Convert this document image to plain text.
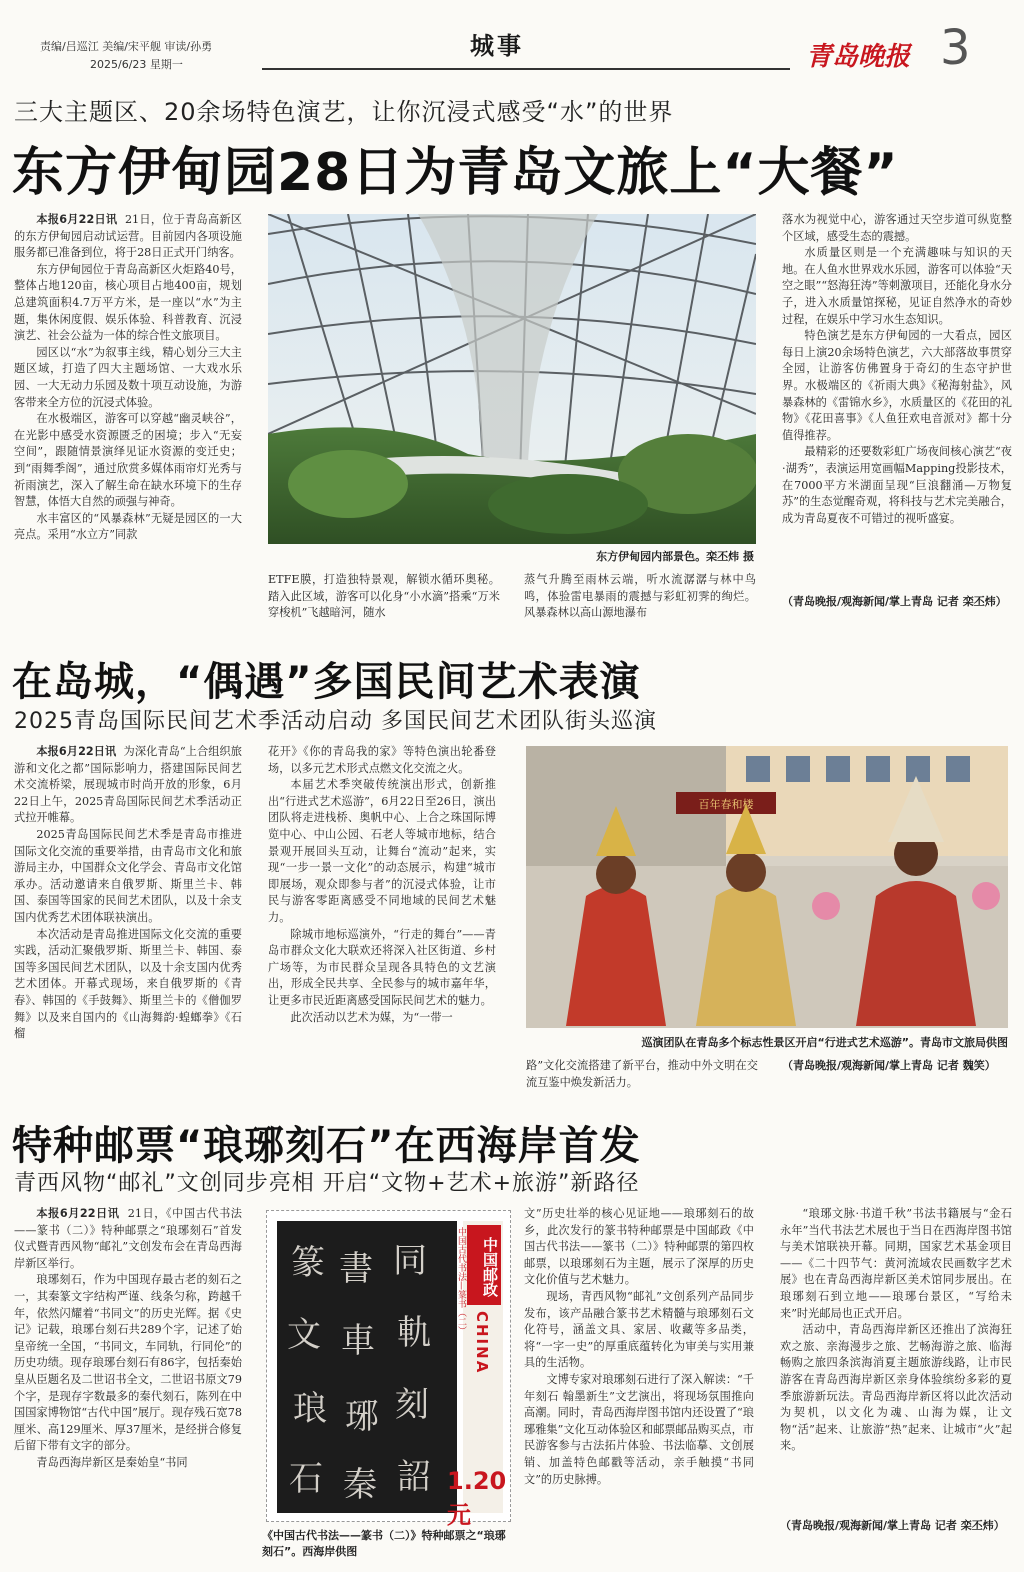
责编/吕巡江 美编/宋平舰 审读/孙勇
2025/6/23 星期一
城事	青岛晚报 3
三大主题区、20余场特色演艺，让你沉浸式感受“水”的世界
东方伊甸园28日为青岛文旅上“大餐”

本报6月22日讯 21日，位于青岛高新区的东方伊甸园启动试运营。目前园内各项设施服务都已准备到位，将于28日正式开门纳客。

东方伊甸园位于青岛高新区火炬路40号，整体占地120亩，核心项目占地400亩，规划总建筑面积4.7万平方米，是一座以“水”为主题，集休闲度假、娱乐体验、科普教育、沉浸演艺、社会公益为一体的综合性文旅项目。

园区以“水”为叙事主线，精心划分三大主题区域，打造了四大主题场馆、一大戏水乐园、一大无动力乐园及数十项互动设施，为游客带来全方位的沉浸式体验。

在水极端区，游客可以穿越“幽灵峡谷”，在光影中感受水资源匮乏的困境；步入“无妄空间”，跟随情景演绎见证水资源的变迁史；到“雨舞季阁”，通过欣赏多媒体雨帘灯光秀与祈雨演艺，深入了解生命在缺水环境下的生存智慧，体悟大自然的顽强与神奇。

水丰富区的“风暴森林”无疑是园区的一大亮点。采用“水立方”同款

东方伊甸园内部景色。栾丕炜 摄

ETFE膜，打造独特景观，解锁水循环奥秘。踏入此区域，游客可以化身“小水滴”搭乘“万米穿梭机”飞越暗河，随水

蒸气升腾至雨林云端，听水流潺潺与林中鸟鸣，体验雷电暴雨的震撼与彩虹初霁的绚烂。风暴森林以高山源地瀑布

落水为视觉中心，游客通过天空步道可纵览整个区域，感受生态的震撼。

水质量区则是一个充满趣味与知识的天地。在人鱼水世界戏水乐园，游客可以体验“天空之眼”“怒海狂涛”等刺激项目，还能化身水分子，进入水质量馆探秘，见证自然净水的奇妙过程，在娱乐中学习水生态知识。

特色演艺是东方伊甸园的一大看点，园区每日上演20余场特色演艺，六大部落故事贯穿全园，让游客仿佛置身于奇幻的生态守护世界。水极端区的《祈雨大典》《秘海射盐》，风暴森林的《雷锦水乡》，水质量区的《花田的礼物》《花田喜事》《人鱼狂欢电音派对》都十分值得推荐。

最精彩的还要数彩虹广场夜间核心演艺“夜·湖秀”，表演运用宽画幅Mapping投影技术，在7000平方米湖面呈现“巨浪翻涌—万物复苏”的生态觉醒奇观，将科技与艺术完美融合，成为青岛夏夜不可错过的视听盛宴。

（青岛晚报/观海新闻/掌上青岛 记者 栾丕炜）
在岛城，“偶遇”多国民间艺术表演
2025青岛国际民间艺术季活动启动 多国民间艺术团队街头巡演

本报6月22日讯 为深化青岛“上合组织旅游和文化之都”国际影响力，搭建国际民间艺术交流桥梁，展现城市时尚开放的形象，6月22日上午，2025青岛国际民间艺术季活动正式拉开帷幕。

2025青岛国际民间艺术季是青岛市推进国际文化交流的重要举措，由青岛市文化和旅游局主办，中国群众文化学会、青岛市文化馆承办。活动邀请来自俄罗斯、斯里兰卡、韩国、泰国等国家的民间艺术团队，以及十余支国内优秀艺术团体联袂演出。

本次活动是青岛推进国际文化交流的重要实践，活动汇聚俄罗斯、斯里兰卡、韩国、泰国等多国民间艺术团队，以及十余支国内优秀艺术团体。开幕式现场，来自俄罗斯的《青春》、韩国的《手鼓舞》、斯里兰卡的《僧伽罗舞》以及来自国内的《山海舞韵·蝗螂拳》《石榴

花开》《你的青岛我的家》等特色演出轮番登场，以多元艺术形式点燃文化交流之火。

本届艺术季突破传统演出形式，创新推出“行进式艺术巡游”，6月22日至26日，演出团队将走进栈桥、奥帆中心、上合之珠国际博览中心、中山公园、石老人等城市地标，结合景观开展回头互动，让舞台“流动”起来，实现“一步一景一文化”的动态展示，构建“城市即展场，观众即参与者”的沉浸式体验，让市民与游客零距离感受不同地域的民间艺术魅力。

除城市地标巡演外，“行走的舞台”——青岛市群众文化大联欢还将深入社区街道、乡村广场等，为市民群众呈现各具特色的文艺演出，形成全民共享、全民参与的城市嘉年华，让更多市民近距离感受国际民间艺术的魅力。

此次活动以艺术为媒，为“一带一

百年春和楼
巡演团队在青岛多个标志性景区开启“行进式艺术巡游”。青岛市文旅局供图

路”文化交流搭建了新平台，推动中外文明在交流互鉴中焕发新活力。

（青岛晚报/观海新闻/掌上青岛 记者 魏笑）
特种邮票“琅琊刻石”在西海岸首发
青西风物“邮礼”文创同步亮相 开启“文物+艺术+旅游”新路径

本报6月22日讯 21日，《中国古代书法——篆书（二）》特种邮票之“琅琊刻石”首发仪式暨青西风物“邮礼”文创发布会在青岛西海岸新区举行。

琅琊刻石，作为中国现存最古老的刻石之一，其秦篆文字结构严谨、线条匀称，跨越千年，依然闪耀着“书同文”的历史光辉。据《史记》记载，琅琊台刻石共289个字，记述了始皇帝统一全国，“书同文，车同轨，行同伦”的历史功绩。现存琅琊台刻石有86字，包括秦始皇从臣题名及二世诏书全文，二世诏书原文79个字，是现存字数最多的秦代刻石，陈列在中国国家博物馆“古代中国”展厅。现存残石宽78厘米、高129厘米、厚37厘米，是经拼合修复后留下带有文字的部分。

青岛西海岸新区是秦始皇“书同

篆 書 同
文 車 軌
琅 琊 刻
石 秦 詔
中国古代书法—篆书（二）	中国邮政
CHINA
1.20元
《中国古代书法——篆书（二）》特种邮票之“琅琊刻石”。西海岸供图

文”历史壮举的核心见证地——琅琊刻石的故乡，此次发行的篆书特种邮票是中国邮政《中国古代书法——篆书（二）》特种邮票的第四枚邮票，以琅琊刻石为主题，展示了深厚的历史文化价值与艺术魅力。

现场，青西风物“邮礼”文创系列产品同步发布，该产品融合篆书艺术精髓与琅琊刻石文化符号，涵盖文具、家居、收藏等多品类，将“一字一史”的厚重底蕴转化为审美与实用兼具的生活物。

文博专家对琅琊刻石进行了深入解读：“千年刻石 翰墨新生”文艺演出，将现场氛围推向高潮。同时，青岛西海岸图书馆内还设置了“琅琊雅集”文化互动体验区和邮票邮品购买点，市民游客参与古法拓片体验、书法临摹、文创展销、加盖特色邮戳等活动，亲手触摸“书同文”的历史脉搏。

“琅琊文脉·书道千秋”书法书籍展与“金石永年”当代书法艺术展也于当日在西海岸图书馆与美术馆联袂开幕。同期，国家艺术基金项目——《二十四节气：黄河流域农民画数字艺术展》也在青岛西海岸新区美术馆同步展出。在琅琊刻石到立地——琅琊台景区，“写给未来”时光邮局也正式开启。

活动中，青岛西海岸新区还推出了滨海狂欢之旅、亲海漫步之旅、艺畅海游之旅、临海畅购之旅四条滨海消夏主题旅游线路，让市民游客在青岛西海岸新区亲身体验缤纷多彩的夏季旅游新玩法。青岛西海岸新区将以此次活动为契机，以文化为魂、山海为媒，让文物“活”起来、让旅游“热”起来、让城市“火”起来。

（青岛晚报/观海新闻/掌上青岛 记者 栾丕炜）
